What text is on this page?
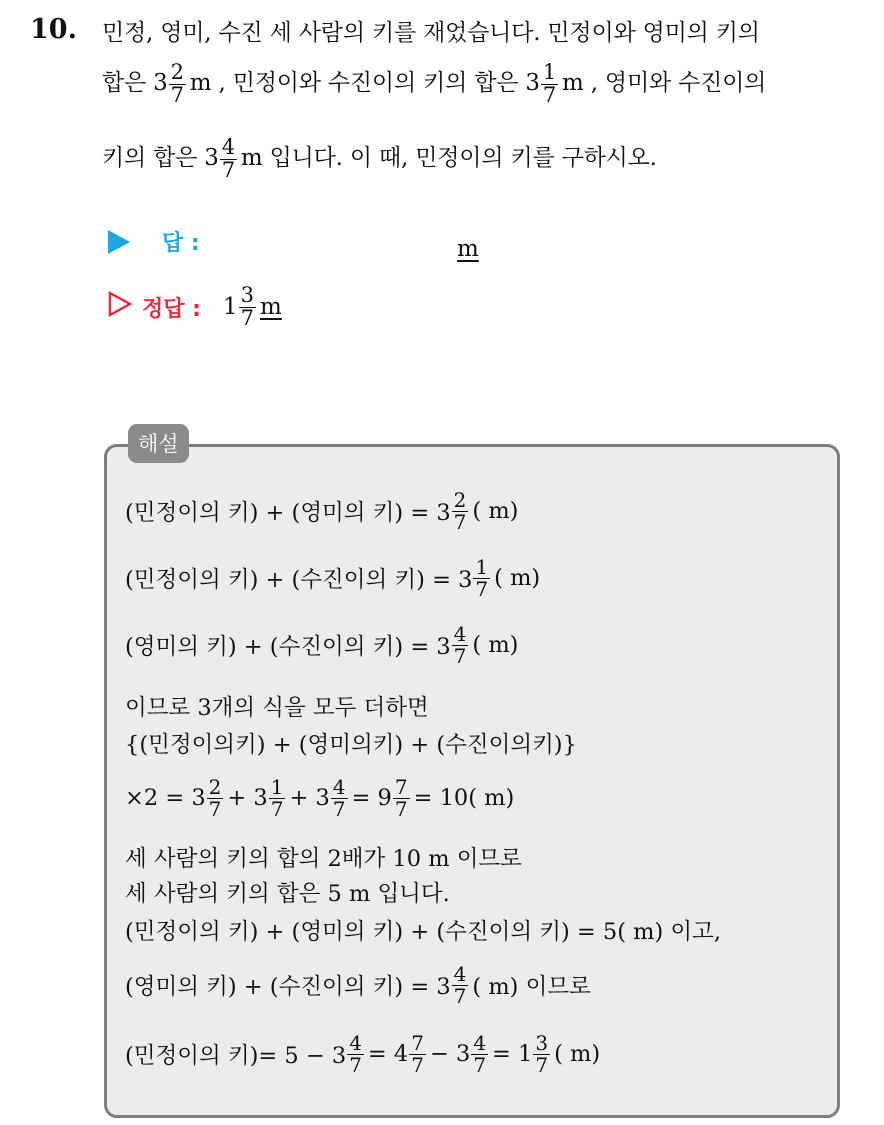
10. 민정, 영미, 수진 세 사람의 키를 재었습니다. 민정이와 영미의 키의
합은 $3 \frac{2}{7}$ m , 민정이와 수진이의 키의 합은 $3 \frac{1}{7}$ m , 영미와 수진이의
키의 합은 $3 \frac{4}{7}$ m 입니다. 이 때, 민정이의 키를 구하시오.
답 :	m
정답 : $1 \frac{3}{7}$ m
해설
(민정이의 키) + (영미의 키) = $3 \frac{2}{7}$ ( m)
(민정이의 키) + (수진이의 키) = $3 \frac{1}{7}$ ( m)
(영미의 키) + (수진이의 키) = $3 \frac{4}{7}$ ( m)
이므로 3개의 식을 모두 더하면
{(민정이의키) + (영미의키) + (수진이의키)}
$\times 2 = 3 \frac{2}{7} + 3 \frac{1}{7} + 3 \frac{4}{7} = 9 \frac{7}{7} = 10$( m)
세 사람의 키의 합의 2배가 10 m 이므로
세 사람의 키의 합은 5 m 입니다.
(민정이의 키) + (영미의 키) + (수진이의 키) = 5( m) 이고,
(영미의 키) + (수진이의 키) = $3 \frac{4}{7}$ ( m) 이므로
(민정이의 키)= $5 - 3 \frac{4}{7} = 4 \frac{7}{7} - 3 \frac{4}{7} = 1 \frac{3}{7}$ ( m)
